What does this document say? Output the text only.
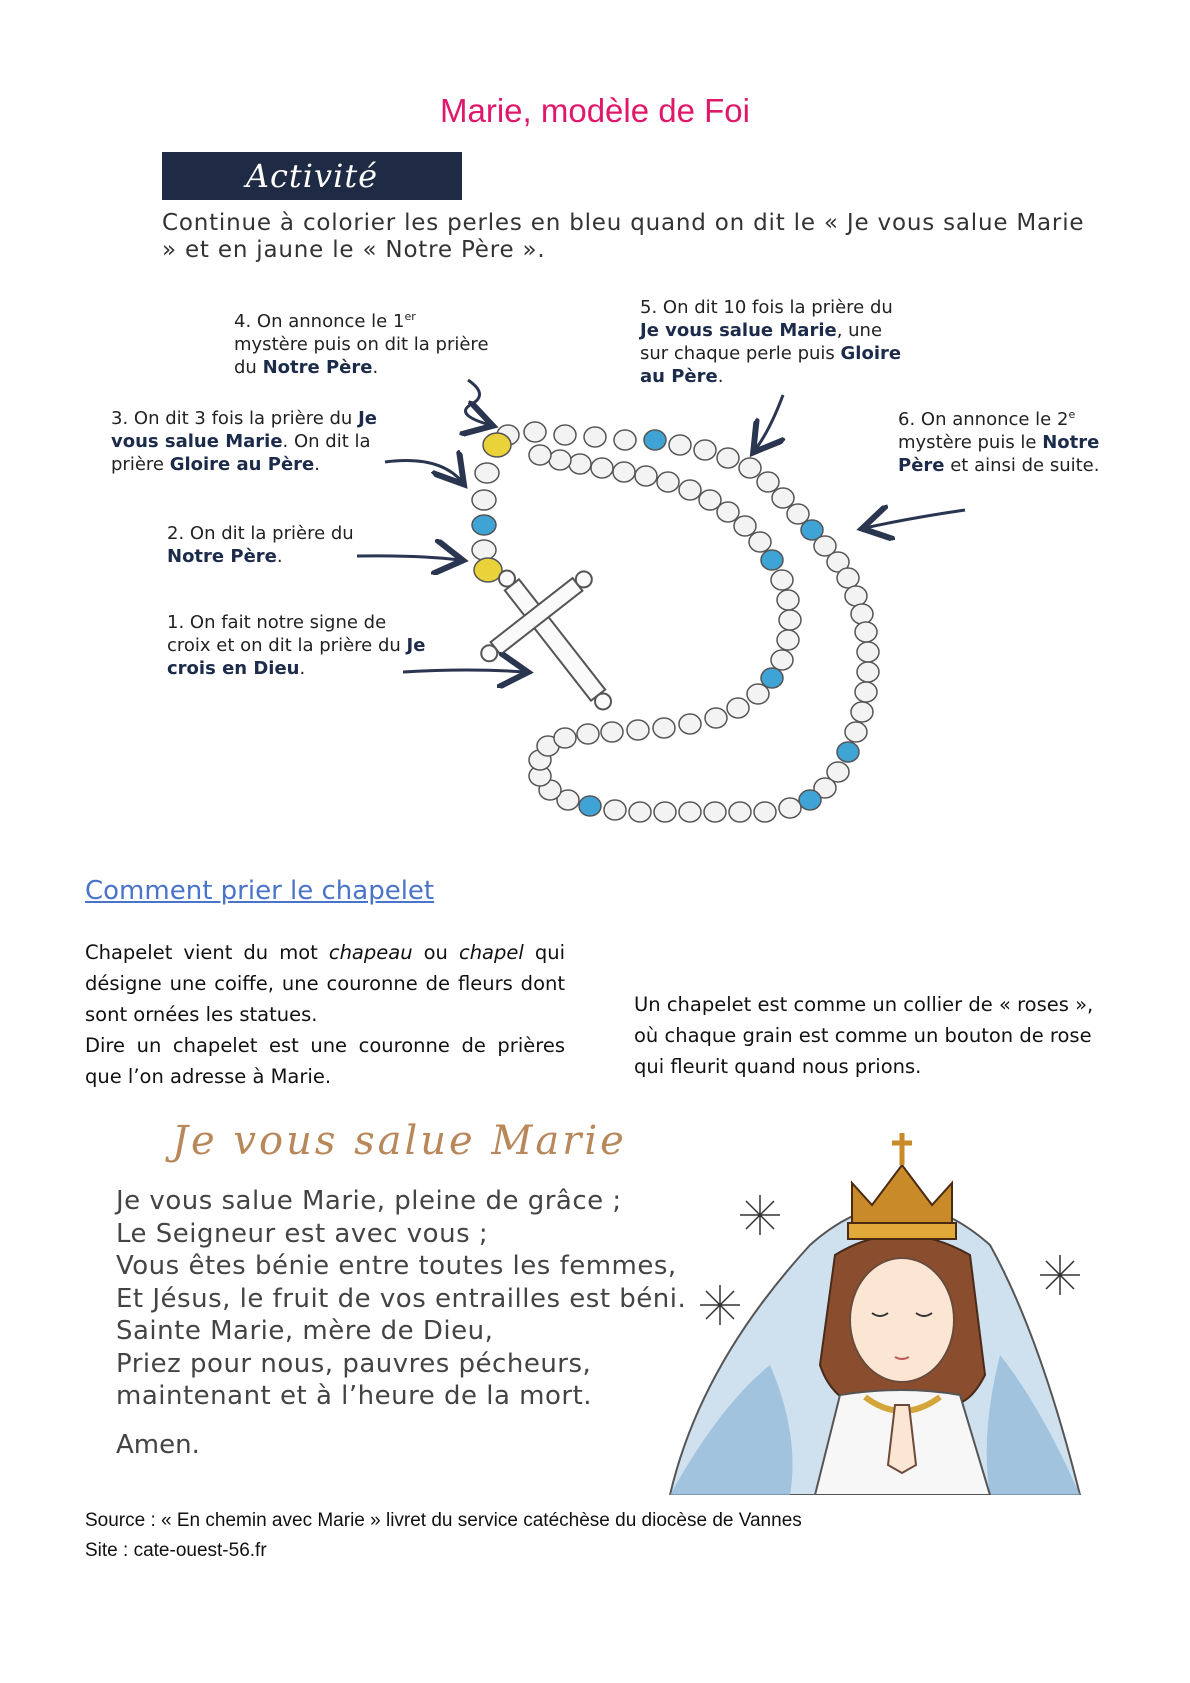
Marie, modèle de Foi
Activité
Continue à colorier les perles en bleu quand on dit le « Je vous salue Marie » et en jaune le « Notre Père ».
4. On annonce le 1er mystère puis on dit la prière du Notre Père.
5. On dit 10 fois la prière du Je vous salue Marie, une sur chaque perle puis Gloire au Père.
3. On dit 3 fois la prière du Je vous salue Marie. On dit la prière Gloire au Père.
6. On annonce le 2e mystère puis le Notre Père et ainsi de suite.
2. On dit la prière du Notre Père.
1. On fait notre signe de croix et on dit la prière du Je crois en Dieu.
Comment prier le chapelet
Chapelet vient du mot chapeau ou chapel qui désigne une coiffe, une couronne de fleurs dont sont ornées les statues.
Dire un chapelet est une couronne de prières que l’on adresse à Marie.
Un chapelet est comme un collier de « roses », où chaque grain est comme un bouton de rose qui fleurit quand nous prions.
Je vous salue Marie
Je vous salue Marie, pleine de grâce ;
Le Seigneur est avec vous ;
Vous êtes bénie entre toutes les femmes,
Et Jésus, le fruit de vos entrailles est béni.
Sainte Marie, mère de Dieu,
Priez pour nous, pauvres pécheurs,
maintenant et à l’heure de la mort.
Amen.
Source : « En chemin avec Marie » livret du service catéchèse du diocèse de Vannes
Site : cate-ouest-56.fr
